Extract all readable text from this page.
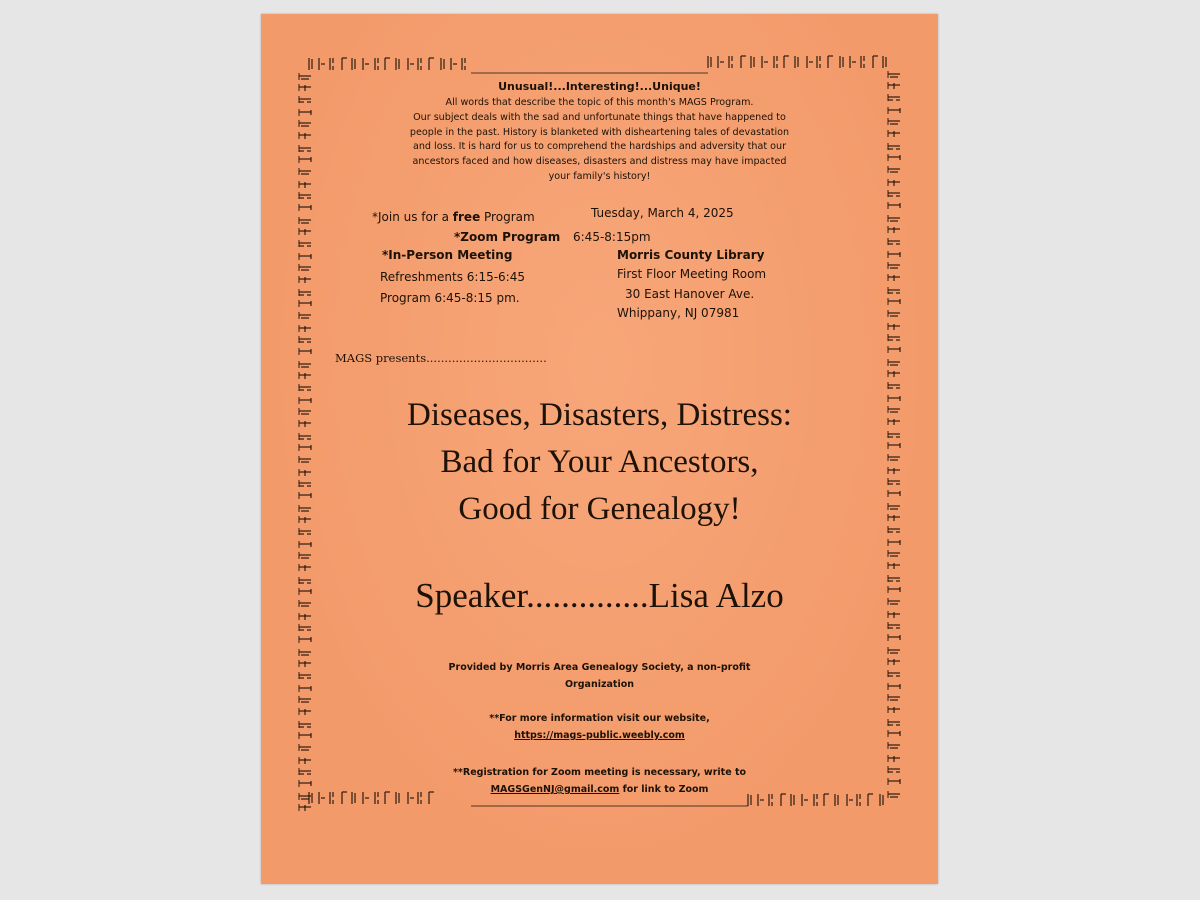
Unusual!...Interesting!...Unique!

All words that describe the topic of this month's MAGS Program.
Our subject deals with the sad and unfortunate things that have happened to
people in the past. History is blanketed with disheartening tales of devastation
and loss. It is hard for us to comprehend the hardships and adversity that our
ancestors faced and how diseases, disasters and distress may have impacted
your family's history!
*Join us for a free Program	Tuesday, March 4, 2025
*Zoom Program 6:45-8:15pm
*In-Person Meeting	Morris County Library
Refreshments 6:15-6:45	First Floor Meeting Room
Program 6:45-8:15 pm.	30 East Hanover Ave.
Whippany, NJ 07981
MAGS presents.................................
Diseases, Disasters, Distress:
Bad for Your Ancestors,
Good for Genealogy!
Speaker..............Lisa Alzo
Provided by Morris Area Genealogy Society, a non-profit
Organization
**For more information visit our website,
https://mags-public.weebly.com
**Registration for Zoom meeting is necessary, write to
MAGSGenNJ@gmail.com for link to Zoom
